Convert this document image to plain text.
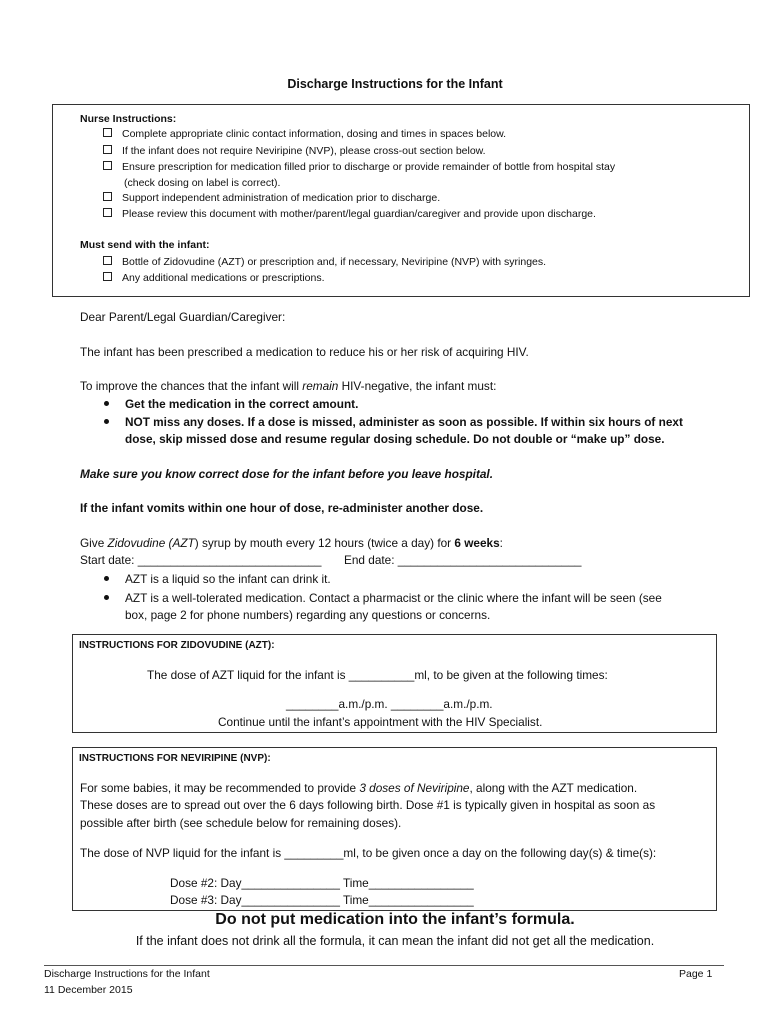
Discharge Instructions for the Infant
Nurse Instructions:
Complete appropriate clinic contact information, dosing and times in spaces below.
If the infant does not require Neviripine (NVP), please cross-out section below.
Ensure prescription for medication filled prior to discharge or provide remainder of bottle from hospital stay
(check dosing on label is correct).
Support independent administration of medication prior to discharge.
Please review this document with mother/parent/legal guardian/caregiver and provide upon discharge.
Must send with the infant:
Bottle of Zidovudine (AZT) or prescription and, if necessary, Neviripine (NVP) with syringes.
Any additional medications or prescriptions.
Dear Parent/Legal Guardian/Caregiver:
The infant has been prescribed a medication to reduce his or her risk of acquiring HIV.
To improve the chances that the infant will remain HIV-negative, the infant must:
Get the medication in the correct amount.
NOT miss any doses. If a dose is missed, administer as soon as possible. If within six hours of next
dose, skip missed dose and resume regular dosing schedule. Do not double or “make up” dose.
Make sure you know correct dose for the infant before you leave hospital.
If the infant vomits within one hour of dose, re-administer another dose.
Give Zidovudine (AZT) syrup by mouth every 12 hours (twice a day) for 6 weeks:
Start date: ____________________________ End date: ____________________________
AZT is a liquid so the infant can drink it.
AZT is a well-tolerated medication. Contact a pharmacist or the clinic where the infant will be seen (see
box, page 2 for phone numbers) regarding any questions or concerns.
INSTRUCTIONS FOR ZIDOVUDINE (AZT):
The dose of AZT liquid for the infant is __________ml, to be given at the following times:
________a.m./p.m. ________a.m./p.m.
Continue until the infant’s appointment with the HIV Specialist.
INSTRUCTIONS FOR NEVIRIPINE (NVP):
For some babies, it may be recommended to provide 3 doses of Neviripine, along with the AZT medication.
These doses are to spread out over the 6 days following birth. Dose #1 is typically given in hospital as soon as
possible after birth (see schedule below for remaining doses).
The dose of NVP liquid for the infant is _________ml, to be given once a day on the following day(s) & time(s):
Dose #2: Day_______________ Time________________
Dose #3: Day_______________ Time________________
Do not put medication into the infant’s formula.
If the infant does not drink all the formula, it can mean the infant did not get all the medication.
Discharge Instructions for the Infant
11 December 2015
Page 1
